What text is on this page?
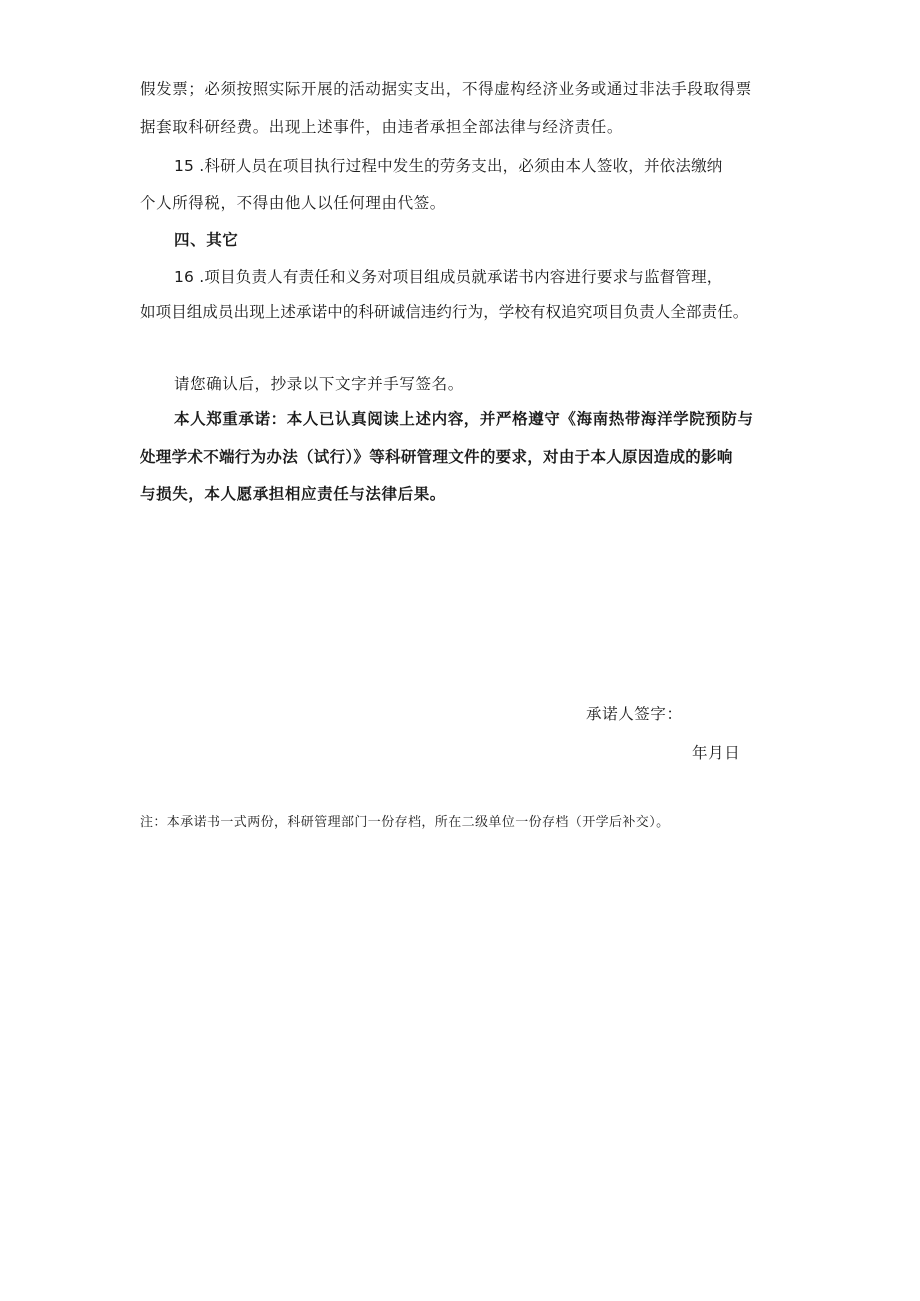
假发票；必须按照实际开展的活动据实支出，不得虚构经济业务或通过非法手段取得票
据套取科研经费。出现上述事件，由违者承担全部法律与经济责任。
15 .科研人员在项目执行过程中发生的劳务支出，必须由本人签收，并依法缴纳
个人所得税，不得由他人以任何理由代签。
四、其它
16 .项目负责人有责任和义务对项目组成员就承诺书内容进行要求与监督管理，
如项目组成员出现上述承诺中的科研诚信违约行为，学校有权追究项目负责人全部责任。
请您确认后，抄录以下文字并手写签名。
本人郑重承诺：本人已认真阅读上述内容，并严格遵守《海南热带海洋学院预防与
处理学术不端行为办法（试行）》等科研管理文件的要求，对由于本人原因造成的影响
与损失，本人愿承担相应责任与法律后果。
承诺人签字：
年月日
注：本承诺书一式两份，科研管理部门一份存档，所在二级单位一份存档（开学后补交）。
